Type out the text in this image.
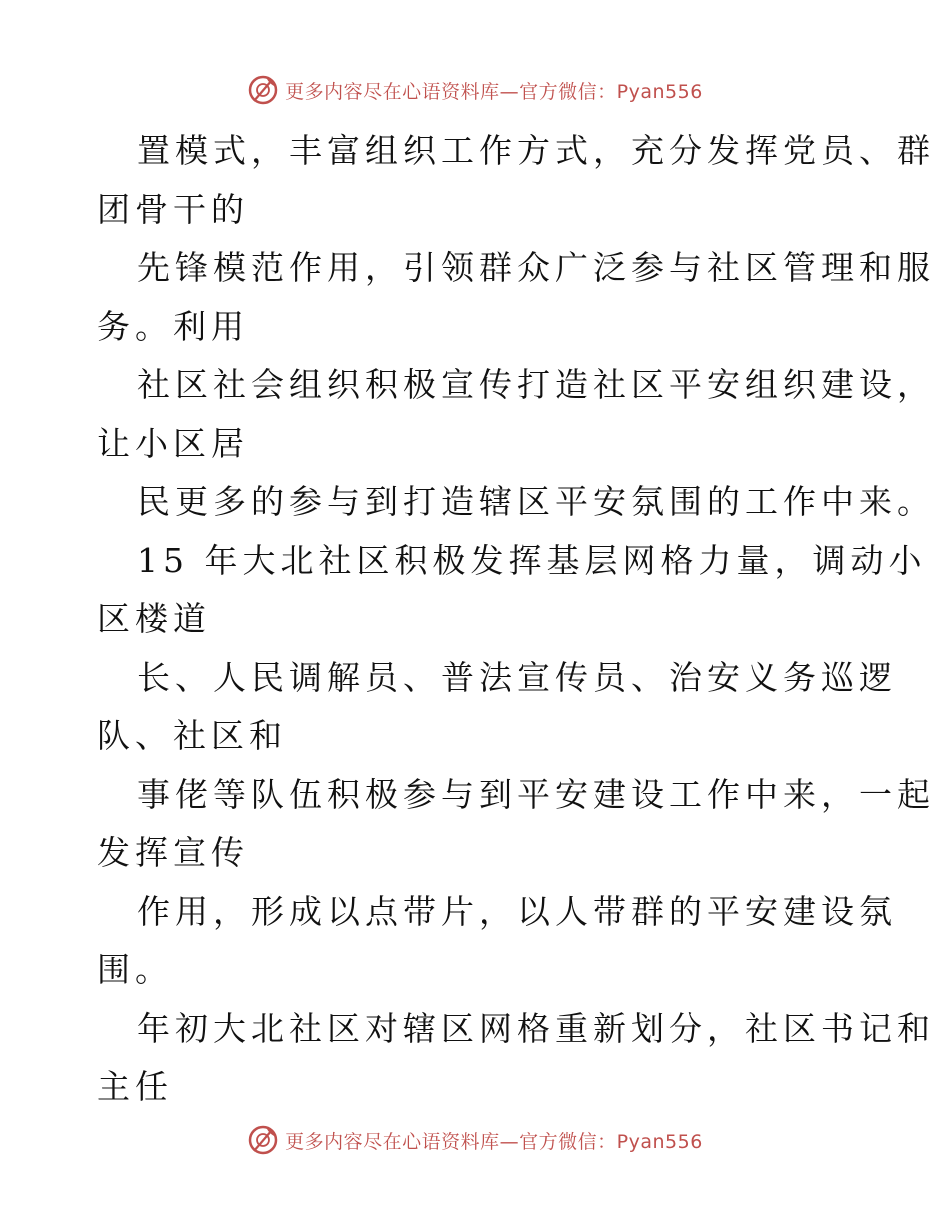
更多内容尽在心语资料库—官方微信：Pyan556
置模式，丰富组织工作方式，充分发挥党员、群
团骨干的
先锋模范作用，引领群众广泛参与社区管理和服
务。利用
社区社会组织积极宣传打造社区平安组织建设，
让小区居
民更多的参与到打造辖区平安氛围的工作中来。
15 年大北社区积极发挥基层网格力量，调动小
区楼道
长、人民调解员、普法宣传员、治安义务巡逻
队、社区和
事佬等队伍积极参与到平安建设工作中来，一起
发挥宣传
作用，形成以点带片，以人带群的平安建设氛
围。
年初大北社区对辖区网格重新划分，社区书记和
主任
更多内容尽在心语资料库—官方微信：Pyan556
